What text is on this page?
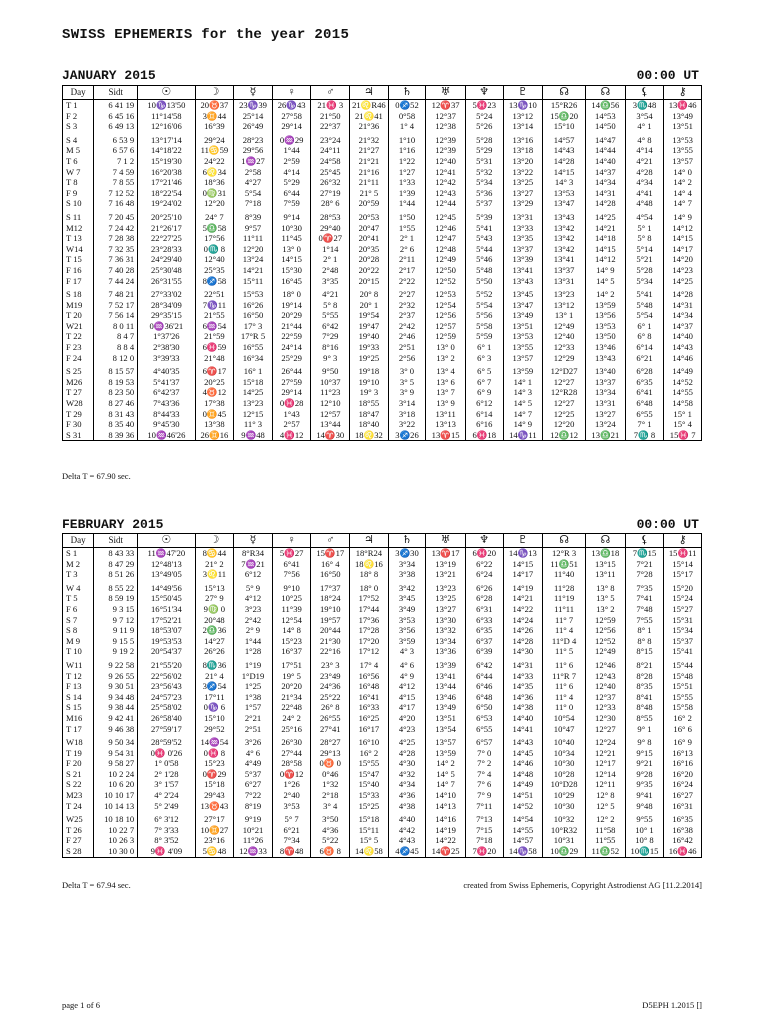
SWISS EPHEMERIS for the year 2015
JANUARY 2015	00:00 UT
Day	Sidt	☉	☽	☿	♀	♂	♃	♄	♅	♆	♇	☊	☊	⚸	⚷
T 1	6 41 19	10♑13'50	20♉37	23♑39	26♑43	21♓ 3	21♌R46	0♐52	12♈37	5♓23	13♑10	15°R26	14♎56	3♏48	13♓46
F 2	6 45 16	11°14'58	3♊44	25°14	27°58	21°50	21♌41	0°58	12°37	5°24	13°12	15♎20	14°53	3°54	13°49
S 3	6 49 13	12°16'06	16°39	26°49	29°14	22°37	21°36	1° 4	12°38	5°26	13°14	15°10	14°50	4° 1	13°51
S 4	6 53 9	13°17'14	29°24	28°23	0♒29	23°24	21°32	1°10	12°39	5°28	13°16	14°57	14°47	4° 8	13°53
M 5	6 57 6	14°18'22	11♋59	29°56	1°44	24°11	21°27	1°16	12°39	5°29	13°18	14°43	14°44	4°14	13°55
T 6	7 1 2	15°19'30	24°22	1♒27	2°59	24°58	21°21	1°22	12°40	5°31	13°20	14°28	14°40	4°21	13°57
W 7	7 4 59	16°20'38	6♌34	2°58	4°14	25°45	21°16	1°27	12°41	5°32	13°22	14°15	14°37	4°28	14° 0
T 8	7 8 55	17°21'46	18°36	4°27	5°29	26°32	21°11	1°33	12°42	5°34	13°25	14° 3	14°34	4°34	14° 2
F 9	7 12 52	18°22'54	0♍31	5°54	6°44	27°19	21° 5	1°39	12°43	5°36	13°27	13°53	14°31	4°41	14° 4
S 10	7 16 48	19°24'02	12°20	7°18	7°59	28° 6	20°59	1°44	12°44	5°37	13°29	13°47	14°28	4°48	14° 7
S 11	7 20 45	20°25'10	24° 7	8°39	9°14	28°53	20°53	1°50	12°45	5°39	13°31	13°43	14°25	4°54	14° 9
M12	7 24 42	21°26'17	5♎58	9°57	10°30	29°40	20°47	1°55	12°46	5°41	13°33	13°42	14°21	5° 1	14°12
T 13	7 28 38	22°27'25	17°56	11°11	11°45	0♈27	20°41	2° 1	12°47	5°43	13°35	13°42	14°18	5° 8	14°15
W14	7 32 35	23°28'33	0♏ 8	12°20	13° 0	1°14	20°35	2° 6	12°48	5°44	13°37	13°42	14°15	5°14	14°17
T 15	7 36 31	24°29'40	12°40	13°24	14°15	2° 1	20°28	2°11	12°49	5°46	13°39	13°41	14°12	5°21	14°20
F 16	7 40 28	25°30'48	25°35	14°21	15°30	2°48	20°22	2°17	12°50	5°48	13°41	13°37	14° 9	5°28	14°23
F 17	7 44 24	26°31'55	8♐58	15°11	16°45	3°35	20°15	2°22	12°52	5°50	13°43	13°31	14° 5	5°34	14°25
S 18	7 48 21	27°33'02	22°51	15°53	18° 0	4°21	20° 8	2°27	12°53	5°52	13°45	13°23	14° 2	5°41	14°28
M19	7 52 17	28°34'09	7♑11	16°26	19°14	5° 8	20° 1	2°32	12°54	5°54	13°47	13°12	13°59	5°48	14°31
T 20	7 56 14	29°35'15	21°55	16°50	20°29	5°55	19°54	2°37	12°56	5°56	13°49	13° 1	13°56	5°54	14°34
W21	8 0 11	0♒36'21	6♒54	17° 3	21°44	6°42	19°47	2°42	12°57	5°58	13°51	12°49	13°53	6° 1	14°37
T 22	8 4 7	1°37'26	21°59	17°R 5	22°59	7°29	19°40	2°46	12°59	5°59	13°53	12°40	13°50	6° 8	14°40
F 23	8 8 4	2°38'30	6♓59	16°55	24°14	8°16	19°33	2°51	13° 0	6° 1	13°55	12°33	13°46	6°14	14°43
F 24	8 12 0	3°39'33	21°48	16°34	25°29	9° 3	19°25	2°56	13° 2	6° 3	13°57	12°29	13°43	6°21	14°46
S 25	8 15 57	4°40'35	6♈17	16° 1	26°44	9°50	19°18	3° 0	13° 4	6° 5	13°59	12°D27	13°40	6°28	14°49
M26	8 19 53	5°41'37	20°25	15°18	27°59	10°37	19°10	3° 5	13° 6	6° 7	14° 1	12°27	13°37	6°35	14°52
T 27	8 23 50	6°42'37	4♉12	14°25	29°14	11°23	19° 3	3° 9	13° 7	6° 9	14° 3	12°R28	13°34	6°41	14°55
W28	8 27 46	7°43'36	17°38	13°23	0♓28	12°10	18°55	3°14	13° 9	6°12	14° 5	12°27	13°31	6°48	14°58
T 29	8 31 43	8°44'33	0♊45	12°15	1°43	12°57	18°47	3°18	13°11	6°14	14° 7	12°25	13°27	6°55	15° 1
F 30	8 35 40	9°45'30	13°38	11° 3	2°57	13°44	18°40	3°22	13°13	6°16	14° 9	12°20	13°24	7° 1	15° 4
S 31	8 39 36	10♒46'26	26♊16	9♒48	4♓12	14♈30	18♌32	3♐26	13♈15	6♓18	14♑11	12♎12	13♎21	7♏ 8	15♓ 7
Delta T = 67.90 sec.
FEBRUARY 2015	00:00 UT
Day	Sidt	☉	☽	☿	♀	♂	♃	♄	♅	♆	♇	☊	☊	⚸	⚷
S 1	8 43 33	11♒47'20	8♋44	8°R34	5♓27	15♈17	18°R24	3♐30	13♈17	6♓20	14♑13	12°R 3	13♎18	7♏15	15♓11
M 2	8 47 29	12°48'13	21° 2	7♒21	6°41	16° 4	18♌16	3°34	13°19	6°22	14°15	11♎51	13°15	7°21	15°14
T 3	8 51 26	13°49'05	3♌11	6°12	7°56	16°50	18° 8	3°38	13°21	6°24	14°17	11°40	13°11	7°28	15°17
W 4	8 55 22	14°49'56	15°13	5° 9	9°10	17°37	18° 0	3°42	13°23	6°26	14°19	11°28	13° 8	7°35	15°20
T 5	8 59 19	15°50'45	27° 9	4°12	10°25	18°24	17°52	3°45	13°25	6°28	14°21	11°19	13° 5	7°41	15°24
F 6	9 3 15	16°51'34	9♍ 0	3°23	11°39	19°10	17°44	3°49	13°27	6°31	14°22	11°11	13° 2	7°48	15°27
S 7	9 7 12	17°52'21	20°48	2°42	12°54	19°57	17°36	3°53	13°30	6°33	14°24	11° 7	12°59	7°55	15°31
S 8	9 11 9	18°53'07	2♎36	2° 9	14° 8	20°44	17°28	3°56	13°32	6°35	14°26	11° 4	12°56	8° 1	15°34
M 9	9 15 5	19°53'53	14°27	1°44	15°23	21°30	17°20	3°59	13°34	6°37	14°28	11°D 4	12°52	8° 8	15°37
T 10	9 19 2	20°54'37	26°26	1°28	16°37	22°16	17°12	4° 3	13°36	6°39	14°30	11° 5	12°49	8°15	15°41
W11	9 22 58	21°55'20	8♏36	1°19	17°51	23° 3	17° 4	4° 6	13°39	6°42	14°31	11° 6	12°46	8°21	15°44
T 12	9 26 55	22°56'02	21° 4	1°D19	19° 5	23°49	16°56	4° 9	13°41	6°44	14°33	11°R 7	12°43	8°28	15°48
F 13	9 30 51	23°56'43	3♐54	1°25	20°20	24°36	16°48	4°12	13°44	6°46	14°35	11° 6	12°40	8°35	15°51
S 14	9 34 48	24°57'23	17°11	1°38	21°34	25°22	16°41	4°15	13°46	6°48	14°36	11° 4	12°37	8°41	15°55
S 15	9 38 44	25°58'02	0♑ 6	1°57	22°48	26° 8	16°33	4°17	13°49	6°50	14°38	11° 0	12°33	8°48	15°58
M16	9 42 41	26°58'40	15°10	2°21	24° 2	26°55	16°25	4°20	13°51	6°53	14°40	10°54	12°30	8°55	16° 2
T 17	9 46 38	27°59'17	29°52	2°51	25°16	27°41	16°17	4°23	13°54	6°55	14°41	10°47	12°27	9° 1	16° 6
W18	9 50 34	28°59'52	14♒54	3°26	26°30	28°27	16°10	4°25	13°57	6°57	14°43	10°40	12°24	9° 8	16° 9
T 19	9 54 31	0♓ 0'26	0♓ 8	4° 6	27°44	29°13	16° 2	4°28	13°59	7° 0	14°45	10°34	12°21	9°15	16°13
F 20	9 58 27	1° 0'58	15°23	4°49	28°58	0♉ 0	15°55	4°30	14° 2	7° 2	14°46	10°30	12°17	9°21	16°16
S 21	10 2 24	2° 1'28	0♈29	5°37	0♈12	0°46	15°47	4°32	14° 5	7° 4	14°48	10°28	12°14	9°28	16°20
S 22	10 6 20	3° 1'57	15°18	6°27	1°26	1°32	15°40	4°34	14° 7	7° 6	14°49	10°D28	12°11	9°35	16°24
M23	10 10 17	4° 2'24	29°43	7°22	2°40	2°18	15°33	4°36	14°10	7° 9	14°51	10°29	12° 8	9°41	16°27
T 24	10 14 13	5° 2'49	13♉43	8°19	3°53	3° 4	15°25	4°38	14°13	7°11	14°52	10°30	12° 5	9°48	16°31
W25	10 18 10	6° 3'12	27°17	9°19	5° 7	3°50	15°18	4°40	14°16	7°13	14°54	10°32	12° 2	9°55	16°35
T 26	10 22 7	7° 3'33	10♊27	10°21	6°21	4°36	15°11	4°42	14°19	7°15	14°55	10°R32	11°58	10° 1	16°38
F 27	10 26 3	8° 3'52	23°16	11°26	7°34	5°22	15° 5	4°43	14°22	7°18	14°57	10°31	11°55	10° 8	16°42
S 28	10 30 0	9♓ 4'09	5♋48	12♒33	8♈48	6♉ 8	14♌58	4♐45	14♈25	7♓20	14♑58	10♎29	11♎52	10♏15	16♓46
Delta T = 67.94 sec.	created from Swiss Ephemeris, Copyright Astrodienst AG [11.2.2014]
page 1 of 6	D5EPH 1.2015 []
